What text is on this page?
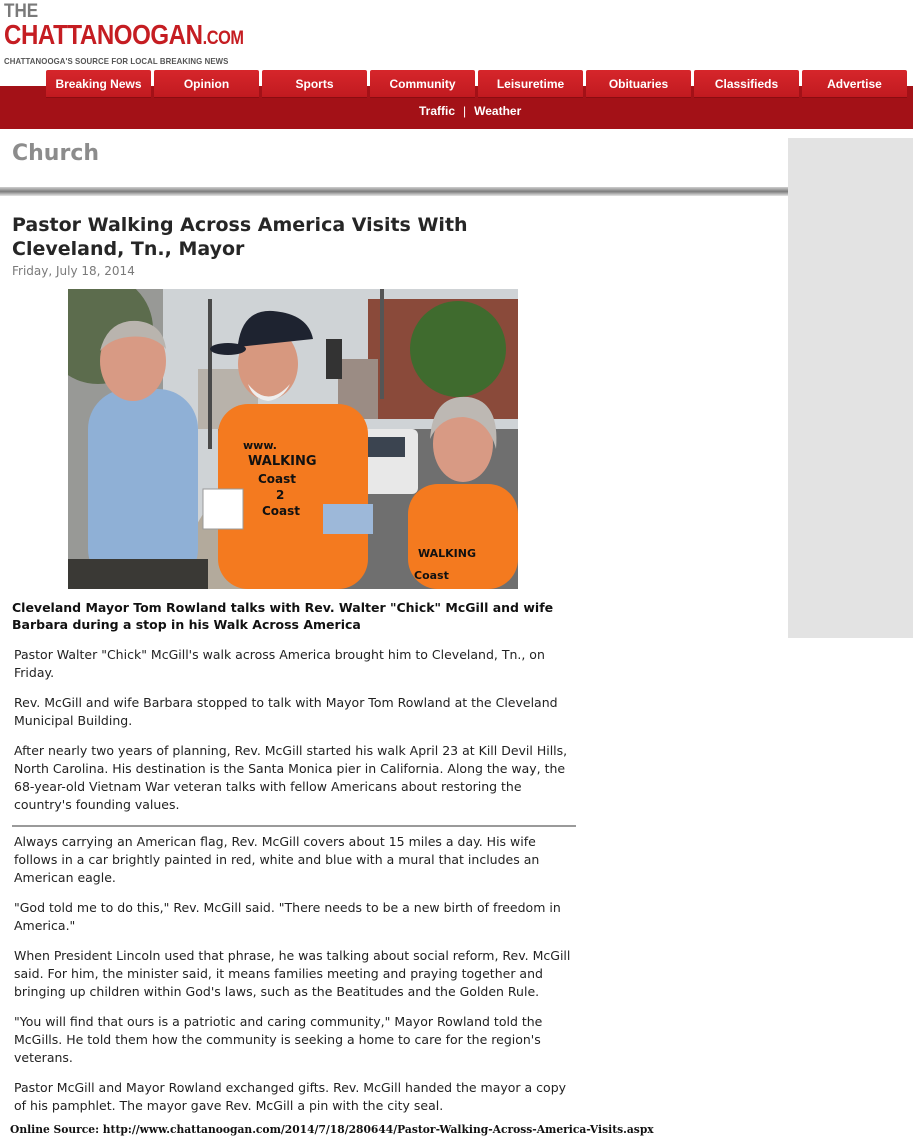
THE
CHATTANOOGAN.COM
CHATTANOOGA'S SOURCE FOR LOCAL BREAKING NEWS
Breaking News	Opinion	Sports	Community	Leisuretime	Obituaries	Classifieds	Advertise
Traffic | Weather
Church
Pastor Walking Across America Visits With Cleveland, Tn., Mayor
Friday, July 18, 2014
www.
WALKING
Coast
2
Coast
WALKING
Coast
Cleveland Mayor Tom Rowland talks with Rev. Walter "Chick" McGill and wife Barbara during a stop in his Walk Across America

Pastor Walter "Chick" McGill's walk across America brought him to Cleveland, Tn., on Friday.

Rev. McGill and wife Barbara stopped to talk with Mayor Tom Rowland at the Cleveland Municipal Building.

After nearly two years of planning, Rev. McGill started his walk April 23 at Kill Devil Hills, North Carolina. His destination is the Santa Monica pier in California. Along the way, the 68-year-old Vietnam War veteran talks with fellow Americans about restoring the country's founding values.

Always carrying an American flag, Rev. McGill covers about 15 miles a day. His wife follows in a car brightly painted in red, white and blue with a mural that includes an American eagle.

"God told me to do this," Rev. McGill said. "There needs to be a new birth of freedom in America."

When President Lincoln used that phrase, he was talking about social reform, Rev. McGill said. For him, the minister said, it means families meeting and praying together and bringing up children within God's laws, such as the Beatitudes and the Golden Rule.

"You will find that ours is a patriotic and caring community," Mayor Rowland told the McGills. He told them how the community is seeking a home to care for the region's veterans.

Pastor McGill and Mayor Rowland exchanged gifts. Rev. McGill handed the mayor a copy of his pamphlet. The mayor gave Rev. McGill a pin with the city seal.

Online Source: http://www.chattanoogan.com/2014/7/18/280644/Pastor-Walking-Across-America-Visits.aspx
